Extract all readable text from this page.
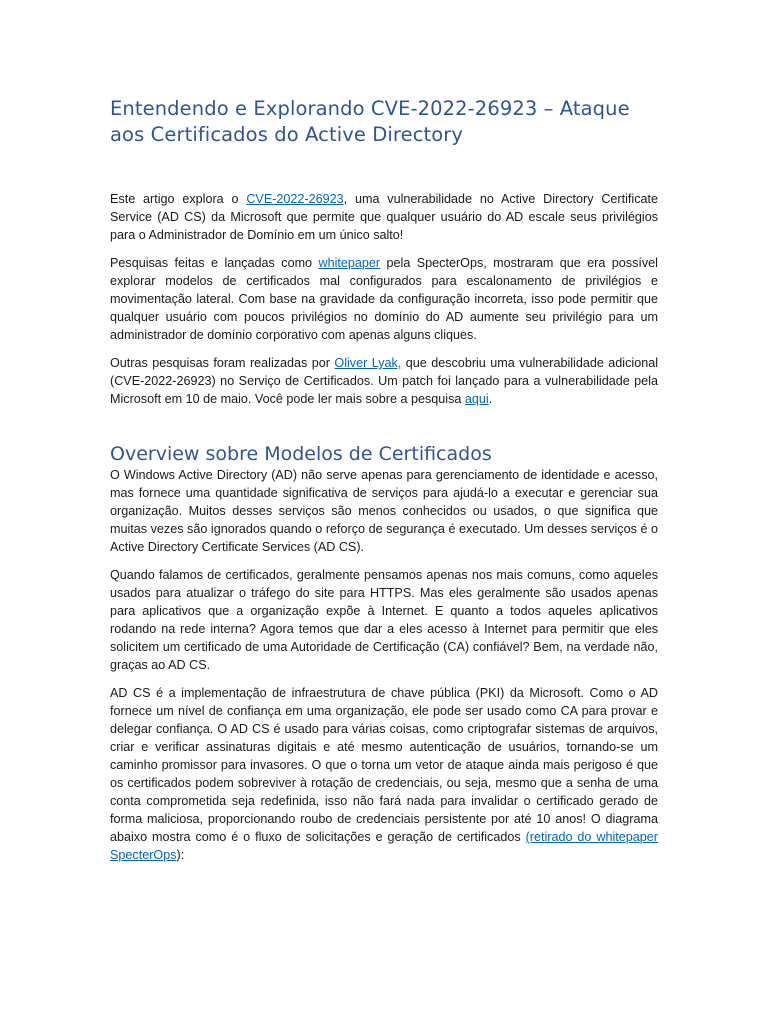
Entendendo e Explorando CVE-2022-26923 – Ataque aos Certificados do Active Directory

Este artigo explora o CVE-2022-26923, uma vulnerabilidade no Active Directory Certificate Service (AD CS) da Microsoft que permite que qualquer usuário do AD escale seus privilégios para o Administrador de Domínio em um único salto!

Pesquisas feitas e lançadas como whitepaper pela SpecterOps, mostraram que era possível explorar modelos de certificados mal configurados para escalonamento de privilégios e movimentação lateral. Com base na gravidade da configuração incorreta, isso pode permitir que qualquer usuário com poucos privilégios no domínio do AD aumente seu privilégio para um administrador de domínio corporativo com apenas alguns cliques.

Outras pesquisas foram realizadas por Oliver Lyak, que descobriu uma vulnerabilidade adicional (CVE-2022-26923) no Serviço de Certificados. Um patch foi lançado para a vulnerabilidade pela Microsoft em 10 de maio. Você pode ler mais sobre a pesquisa aqui.

Overview sobre Modelos de Certificados

O Windows Active Directory (AD) não serve apenas para gerenciamento de identidade e acesso, mas fornece uma quantidade significativa de serviços para ajudá-lo a executar e gerenciar sua organização. Muitos desses serviços são menos conhecidos ou usados, o que significa que muitas vezes são ignorados quando o reforço de segurança é executado. Um desses serviços é o Active Directory Certificate Services (AD CS).

Quando falamos de certificados, geralmente pensamos apenas nos mais comuns, como aqueles usados para atualizar o tráfego do site para HTTPS. Mas eles geralmente são usados apenas para aplicativos que a organização expõe à Internet. E quanto a todos aqueles aplicativos rodando na rede interna? Agora temos que dar a eles acesso à Internet para permitir que eles solicitem um certificado de uma Autoridade de Certificação (CA) confiável? Bem, na verdade não, graças ao AD CS.

AD CS é a implementação de infraestrutura de chave pública (PKI) da Microsoft. Como o AD fornece um nível de confiança em uma organização, ele pode ser usado como CA para provar e delegar confiança. O AD CS é usado para várias coisas, como criptografar sistemas de arquivos, criar e verificar assinaturas digitais e até mesmo autenticação de usuários, tornando-se um caminho promissor para invasores. O que o torna um vetor de ataque ainda mais perigoso é que os certificados podem sobreviver à rotação de credenciais, ou seja, mesmo que a senha de uma conta comprometida seja redefinida, isso não fará nada para invalidar o certificado gerado de forma maliciosa, proporcionando roubo de credenciais persistente por até 10 anos! O diagrama abaixo mostra como é o fluxo de solicitações e geração de certificados (retirado do whitepaper SpecterOps):
